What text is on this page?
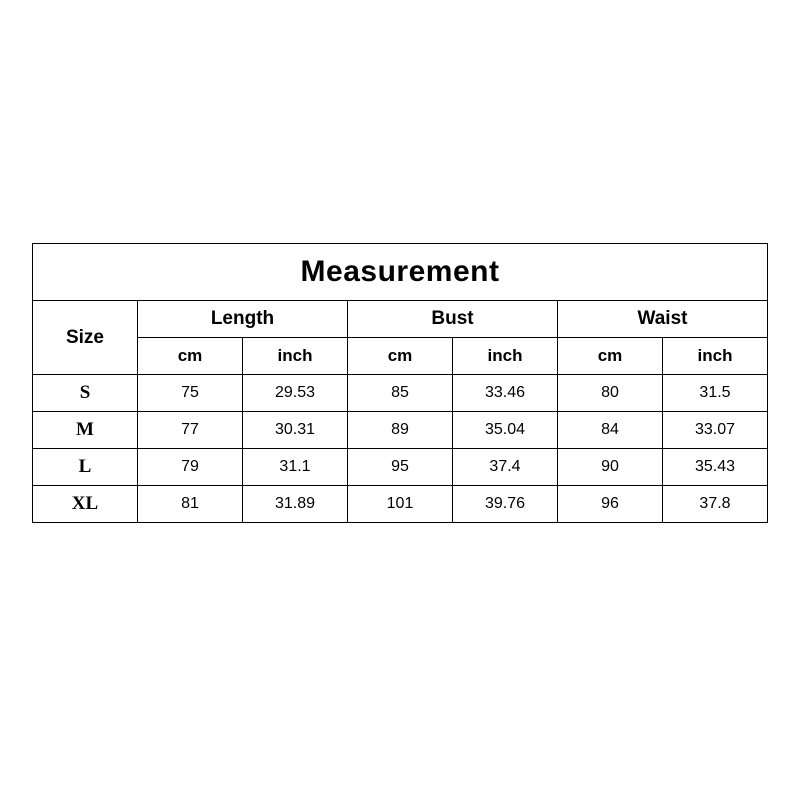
Measurement						
Size	Length		Bust		Waist	
	cm	inch	cm	inch	cm	inch
S	75	29.53	85	33.46	80	31.5
M	77	30.31	89	35.04	84	33.07
L	79	31.1	95	37.4	90	35.43
XL	81	31.89	101	39.76	96	37.8
